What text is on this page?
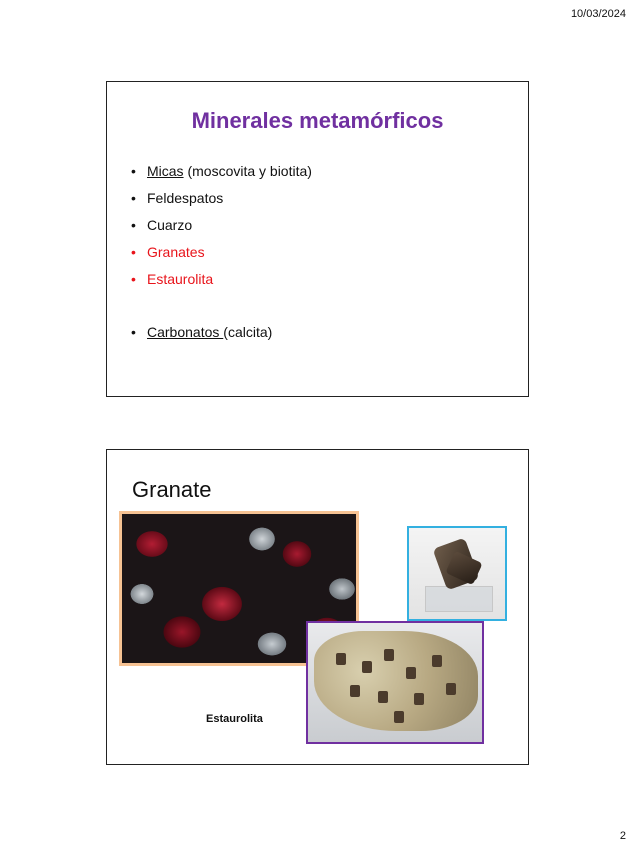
10/03/2024
Minerales metamórficos
• Micas (moscovita y biotita)
• Feldespatos
• Cuarzo
• Granates
• Estaurolita
• Carbonatos (calcita)
Granate
Estaurolita
2
